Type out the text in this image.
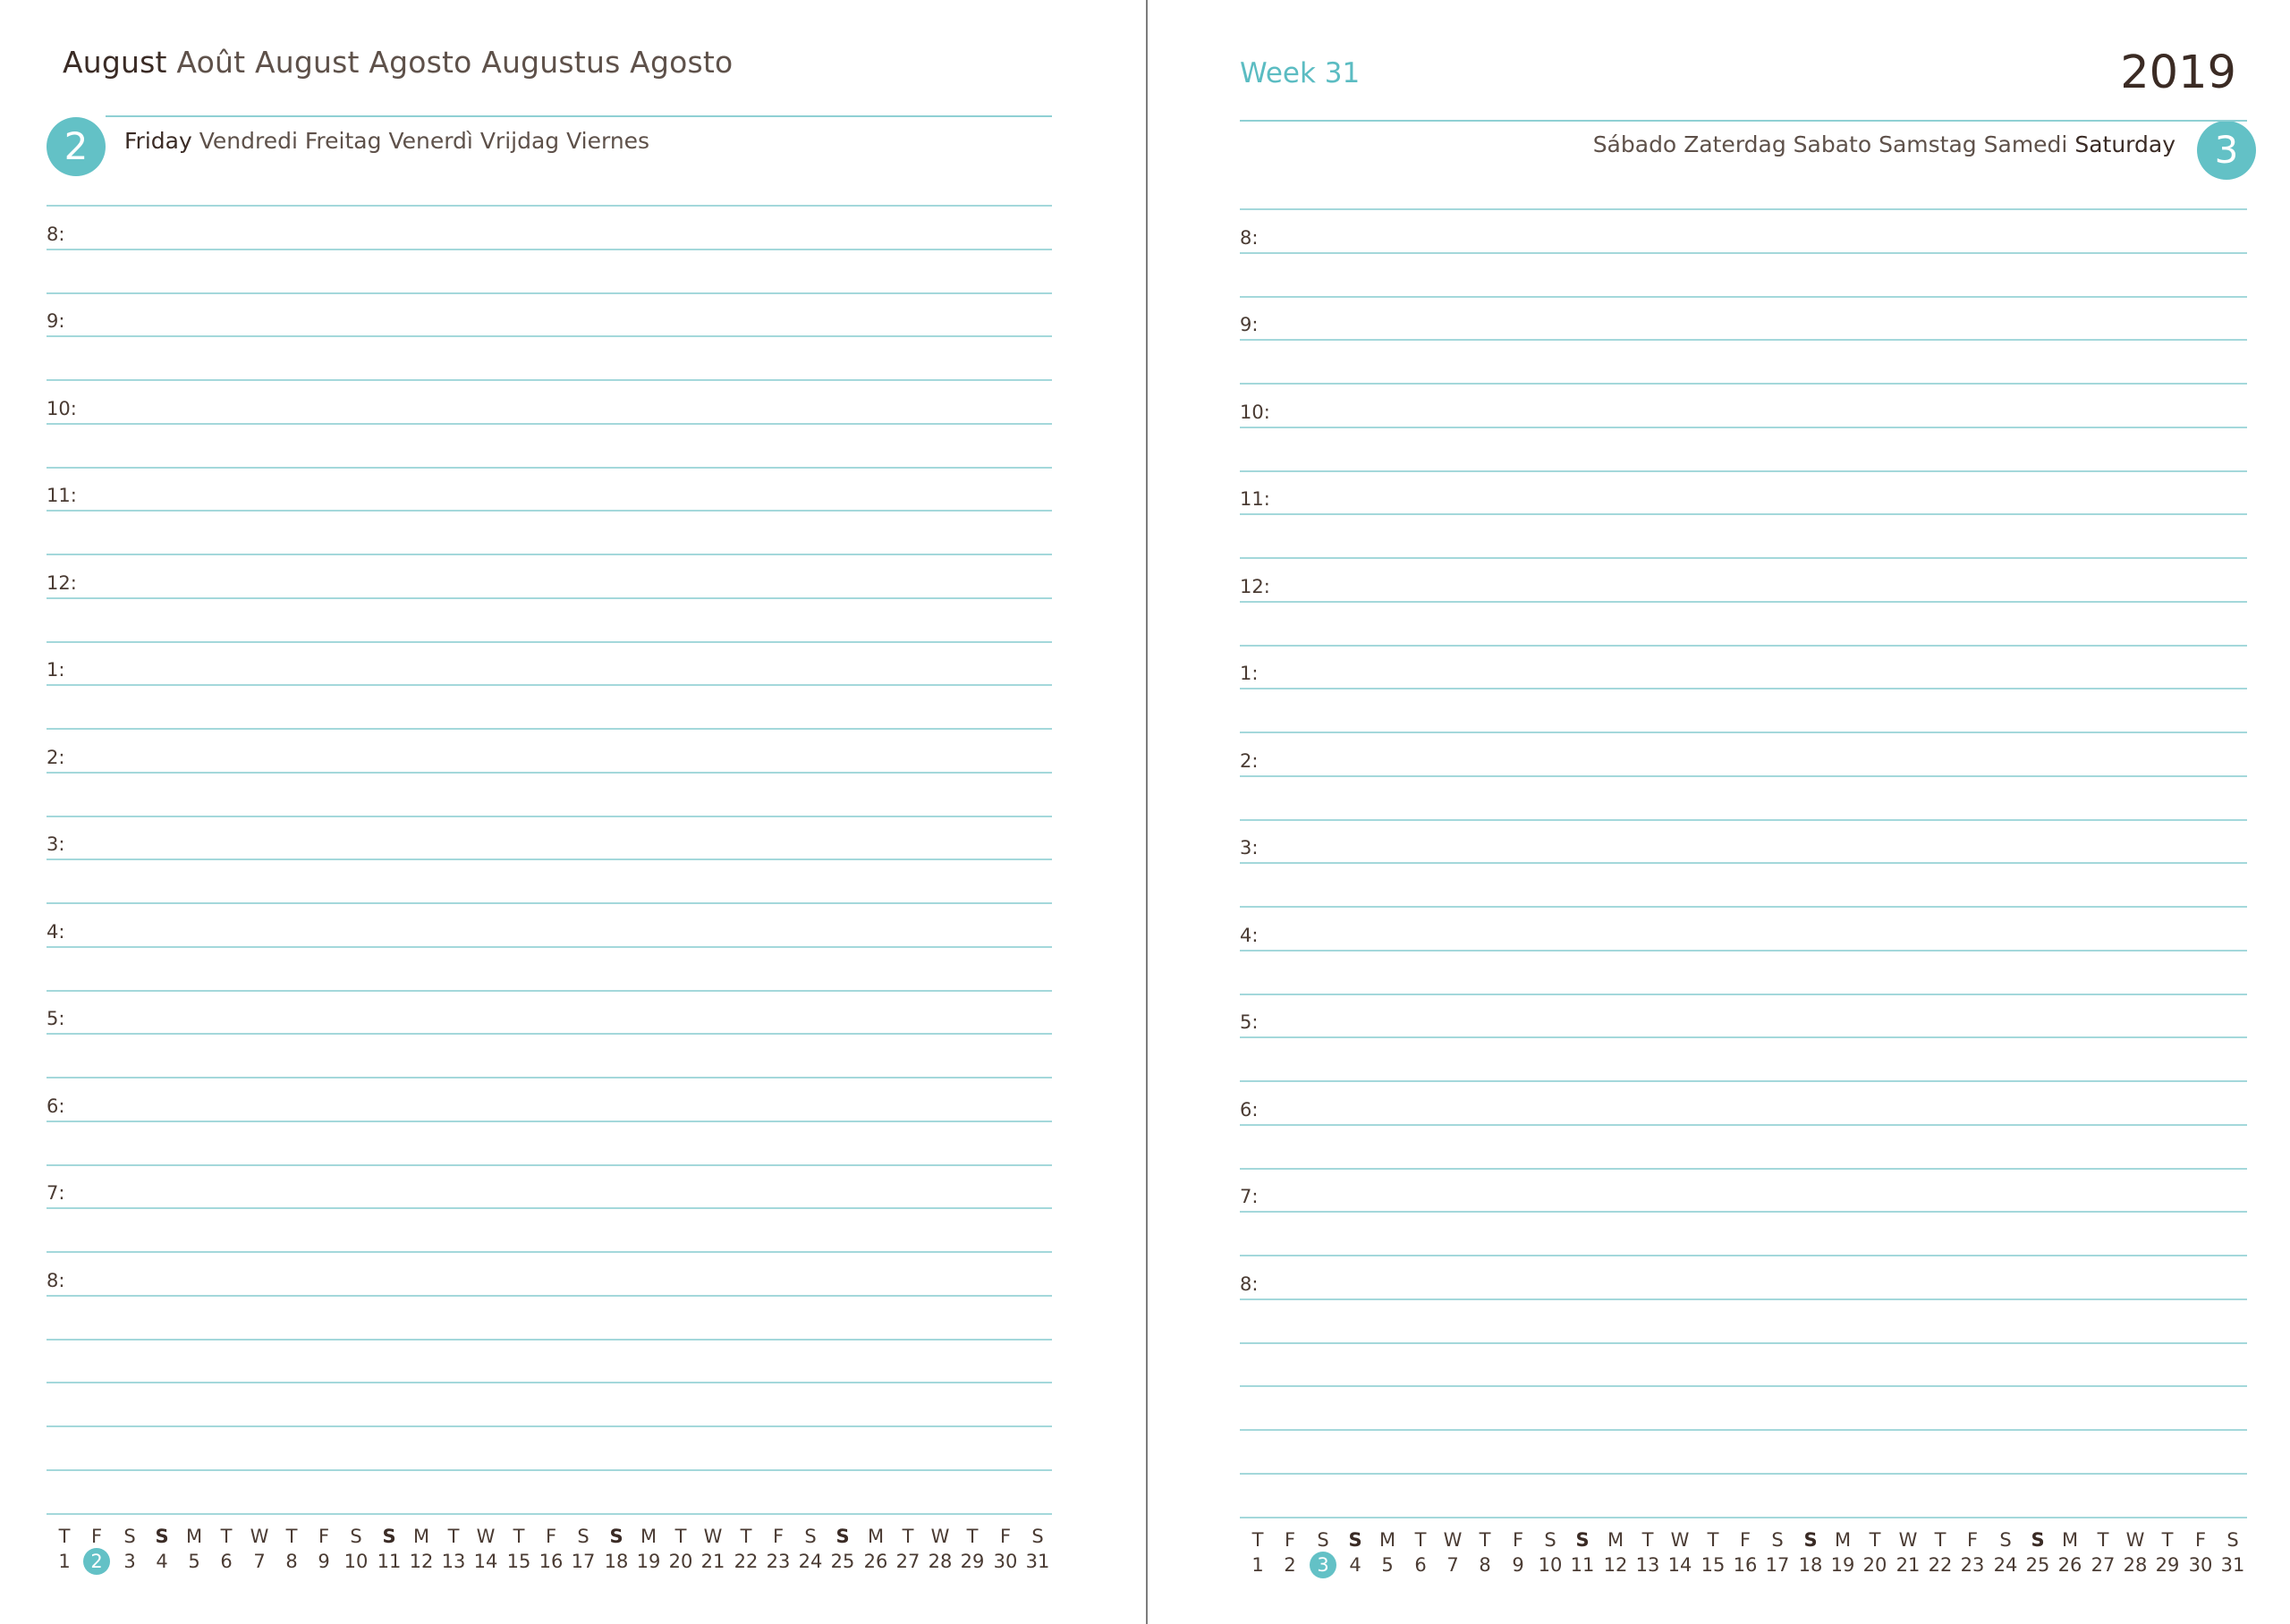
August Août August Agosto Augustus Agosto
2	Friday Vendredi Freitag Venerdì Vrijdag Viernes
8:
9:
10:
11:
12:
1:
2:
3:
4:
5:
6:
7:
8:
T	F	S	S M T W T	F	S	S M T W T	F	S	S M T W T	F	S	S M T W T	F	S
1	2	3	4	5	6	7	8	9 10 11 12 13 14 15 16 17 18 19 20 21 22 23 24 25 26 27 28 29 30 31
Week 31	2019
Sábado Zaterdag Sabato Samstag Samedi Saturday	3
8:
9:
10:
11:
12:
1:
2:
3:
4:
5:
6:
7:
8:
T	F	S	S M	T W T	F	S	S M T W T	F	S	S M T W T	F	S	S M	T W T	F	S
1	2	3	4	5	6	7	8	9 10 11 12 13 14 15 16 17 18 19 20 21 22 23 24 25 26 27 28 29 30 31
